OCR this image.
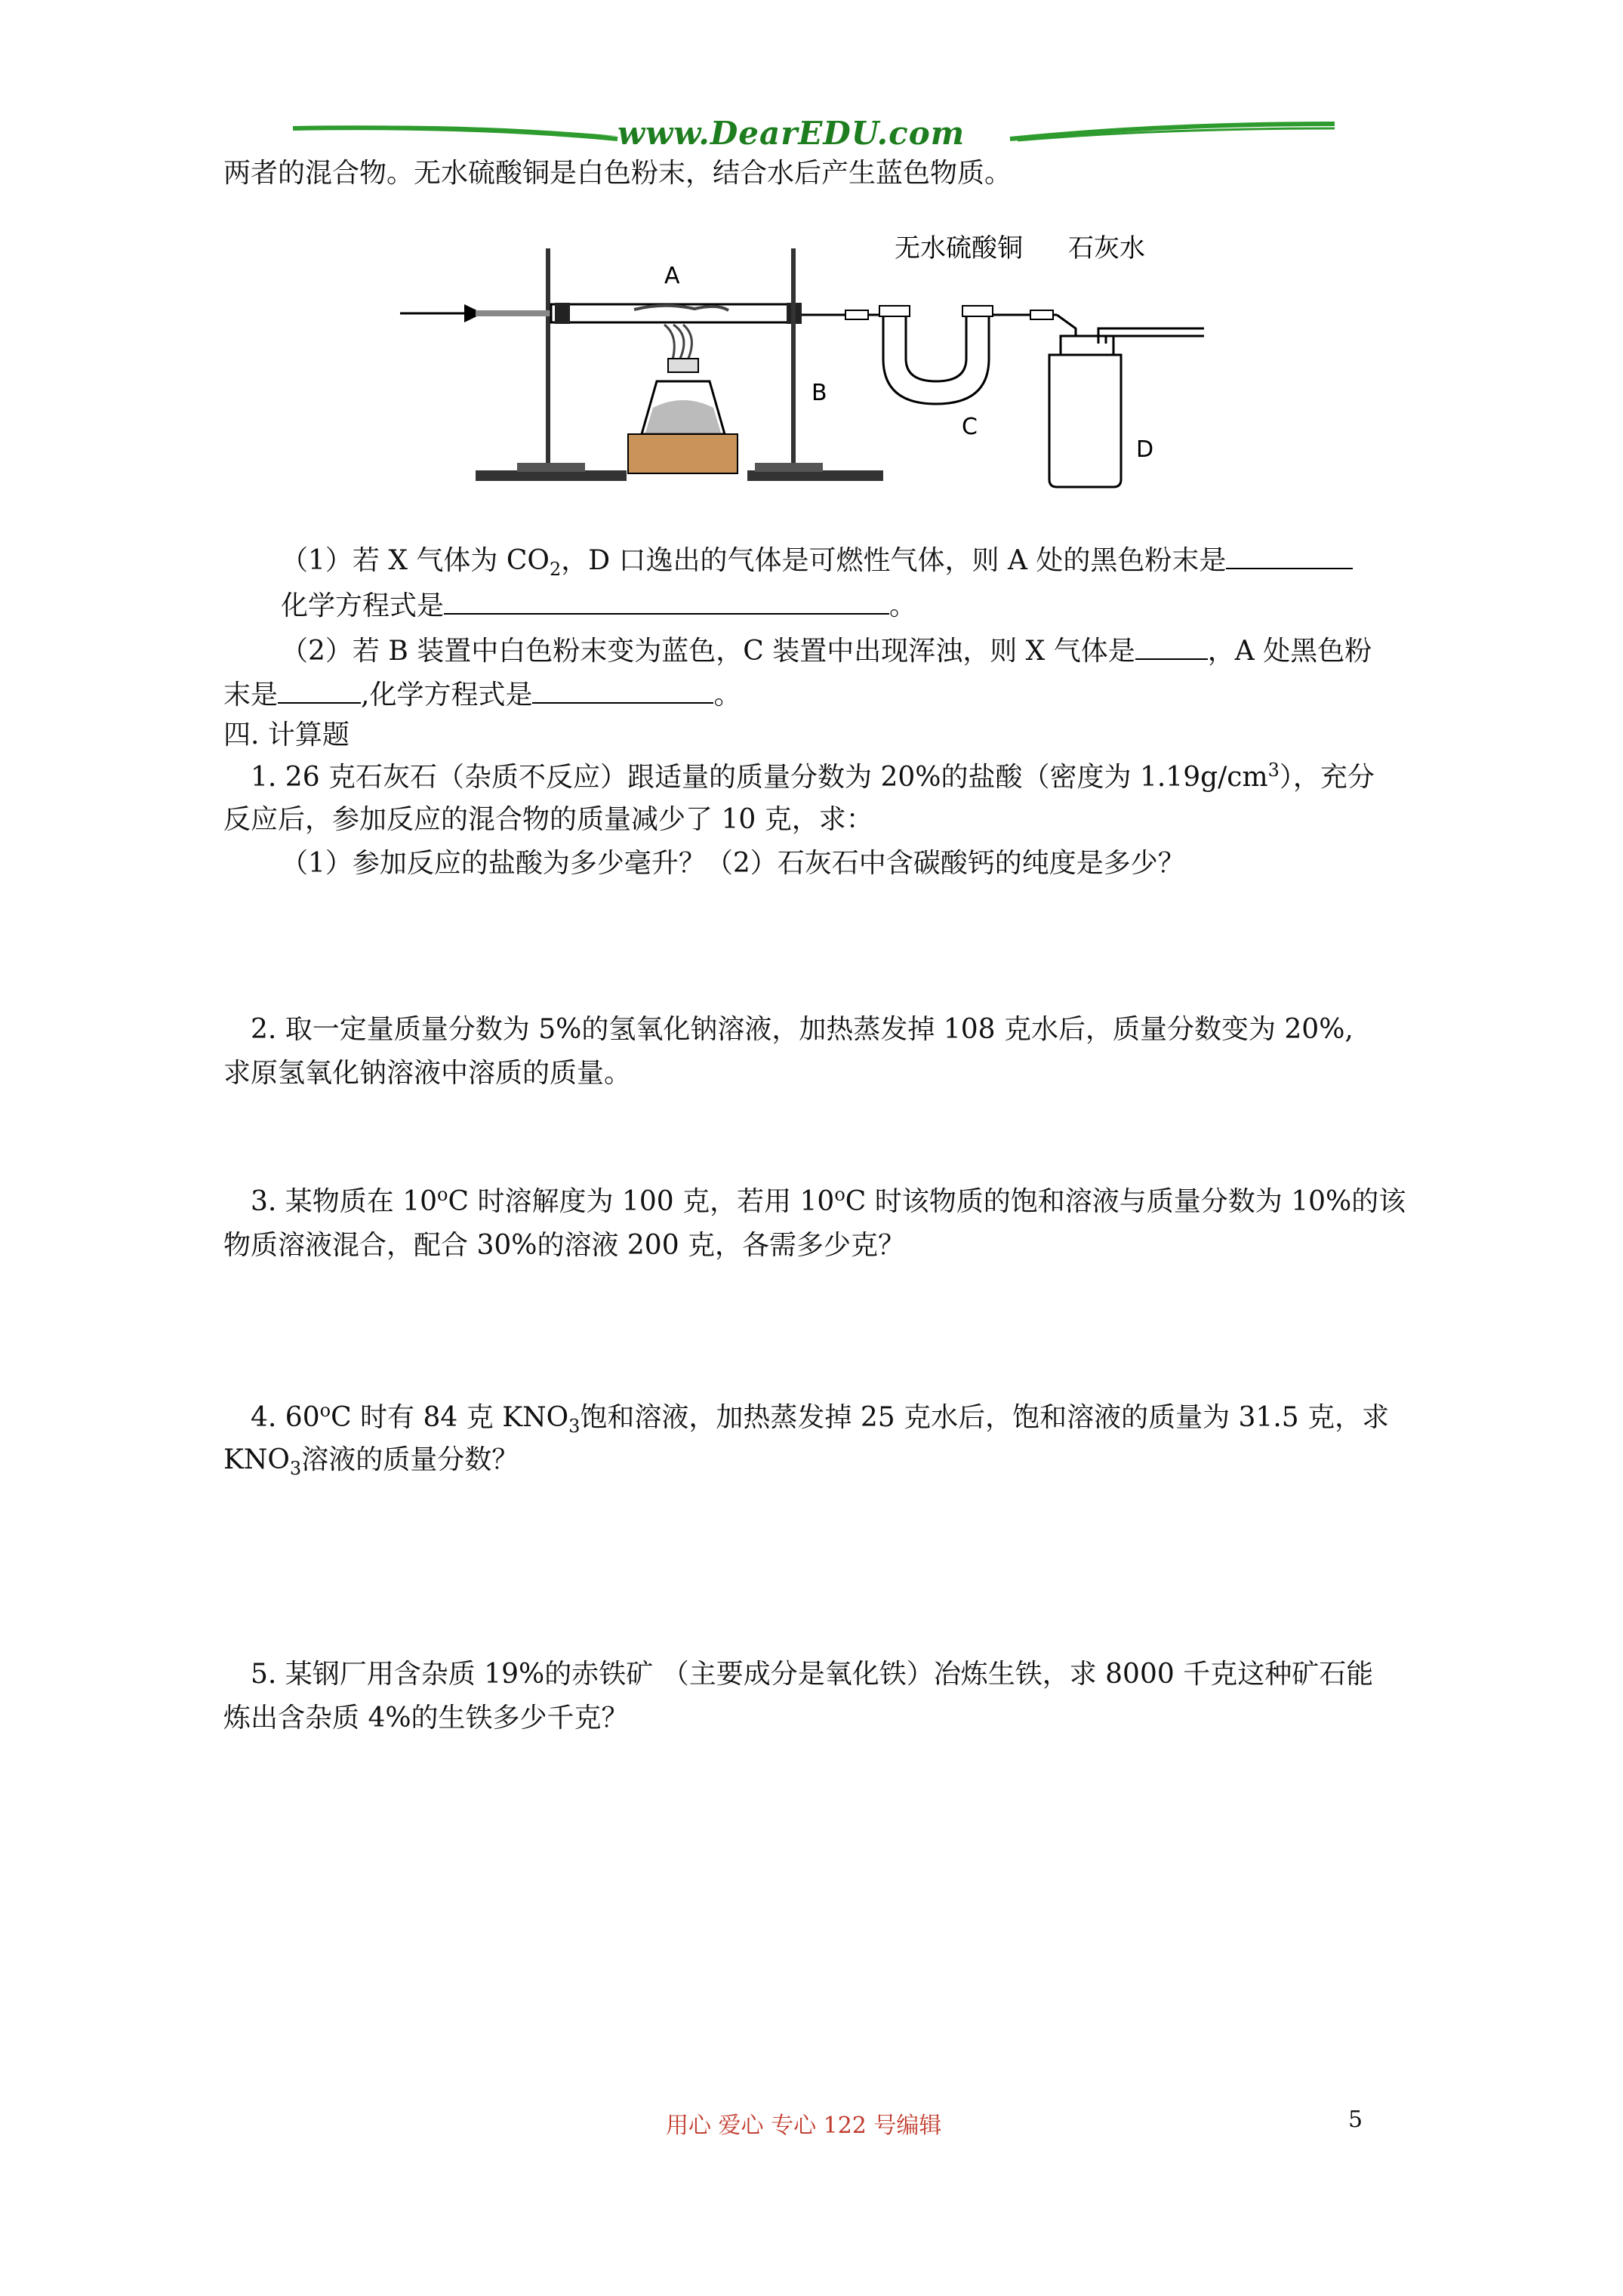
www.DearEDU.com
两者的混合物。无水硫酸铜是白色粉末，结合水后产生蓝色物质。
A
B
C
D
无水硫酸铜 石灰水
（1）若 X 气体为 $CO_2$，D 口逸出的气体是可燃性气体，则 A 处的黑色粉末是
化学方程式是	。
（2）若 B 装置中白色粉末变为蓝色，C 装置中出现浑浊，则 X 气体是	，A 处黑色粉
末是	,化学方程式是	。
四. 计算题
1. 26 克石灰石（杂质不反应）跟适量的质量分数为 20%的盐酸（密度为 $1.19g/cm^3$），充分
反应后，参加反应的混合物的质量减少了 10 克，求：
（1）参加反应的盐酸为多少毫升？（2）石灰石中含碳酸钙的纯度是多少？
2. 取一定量质量分数为 5%的氢氧化钠溶液，加热蒸发掉 108 克水后，质量分数变为 20%,
求原氢氧化钠溶液中溶质的质量。
3. 某物质在 10$^o$C 时溶解度为 100 克，若用 10$^o$C 时该物质的饱和溶液与质量分数为 10%的该
物质溶液混合，配合 30%的溶液 200 克，各需多少克？
4. 60$^o$C 时有 84 克 $KNO_3$饱和溶液，加热蒸发掉 25 克水后，饱和溶液的质量为 31.5 克，求
$KNO_3$溶液的质量分数？
5. 某钢厂用含杂质 19%的赤铁矿 （主要成分是氧化铁）冶炼生铁，求 8000 千克这种矿石能
炼出含杂质 4%的生铁多少千克？
用心 爱心 专心 122 号编辑	5
